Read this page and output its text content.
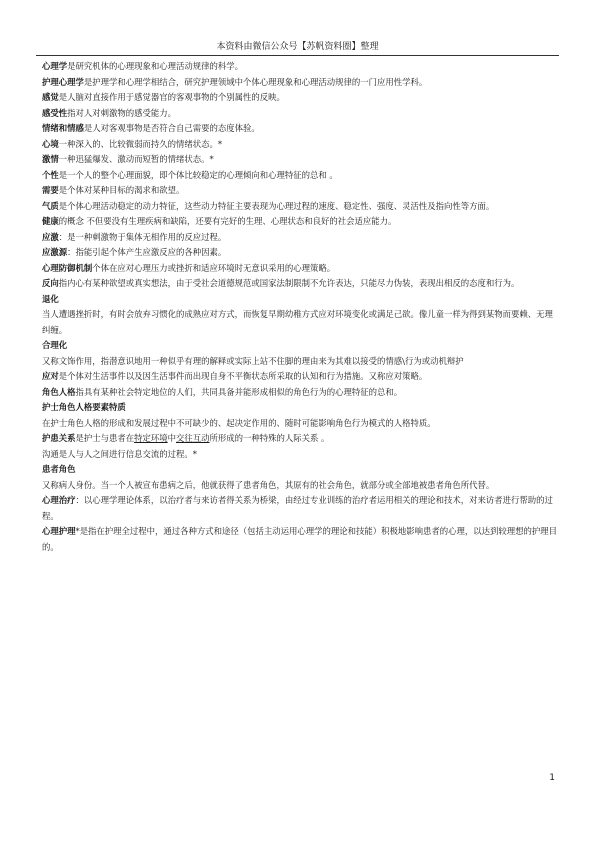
本资料由微信公众号【苏帆资料圈】整理
心理学是研究机体的心理现象和心理活动规律的科学。
护理心理学是护理学和心理学相结合，研究护理领域中个体心理现象和心理活动规律的一门应用性学科。
感觉是人脑对直接作用于感觉器官的客观事物的个别属性的反映。
感受性指对人对刺激物的感受能力。
情绪和情感是人对客观事物是否符合自己需要的态度体验。
心境一种深入的、比较微弱而持久的情绪状态。*
激情一种迅猛爆发、激动而短暂的情绪状态。*
个性是一个人的整个心理面貌，即个体比较稳定的心理倾向和心理特征的总和 。
需要是个体对某种目标的渴求和欲望。
气质是个体心理活动稳定的动力特征，这些动力特征主要表现为心理过程的速度、稳定性、强度、灵活性及指向性等方面。
健康的概念 不但要没有生理疾病和缺陷，还要有完好的生理、心理状态和良好的社会适应能力。
应激：是一种刺激物于集体无相作用的反应过程。
应激源：指能引起个体产生应激反应的各种因素。
心理防御机制个体在应对心理压力或挫折和适应环境时无意识采用的心理策略。
反向指内心有某种欲望或真实想法，由于受社会道德规范或国家法制限制不允许表达，只能尽力伪装，表现出相反的态度和行为。
退化
当人遭遇挫折时，有时会放弃习惯化的成熟应对方式，而恢复早期幼稚方式应对环境变化或满足己欲。像儿童一样为得到某物而要赖、无理纠缠。
合理化
又称文饰作用，指潜意识地用一种似乎有理的解释或实际上站不住脚的理由来为其难以接受的情感\行为或动机辩护
应对是个体对生活事件以及因生活事件而出现自身不平衡状态所采取的认知和行为措施。又称应对策略。
角色人格指具有某种社会特定地位的人们，共同具备并能形成相似的角色行为的心理特征的总和。
护士角色人格要素特质
在护士角色人格的形成和发展过程中不可缺少的、起决定作用的、随时可能影响角色行为模式的人格特质。
护患关系是护士与患者在特定环境中交往互动所形成的一种特殊的人际关系 。
沟通是人与人之间进行信息交流的过程。*
患者角色
又称病人身份。当一个人被宣布患病之后，他就获得了患者角色，其原有的社会角色，就部分或全部地被患者角色所代替。
心理治疗：以心理学理论体系，以治疗者与来访者得关系为桥梁，由经过专业训练的治疗者运用相关的理论和技术，对来访者进行帮助的过程。
心理护理*是指在护理全过程中，通过各种方式和途径（包括主动运用心理学的理论和技能）积极地影响患者的心理，以达到较理想的护理目的。
1
